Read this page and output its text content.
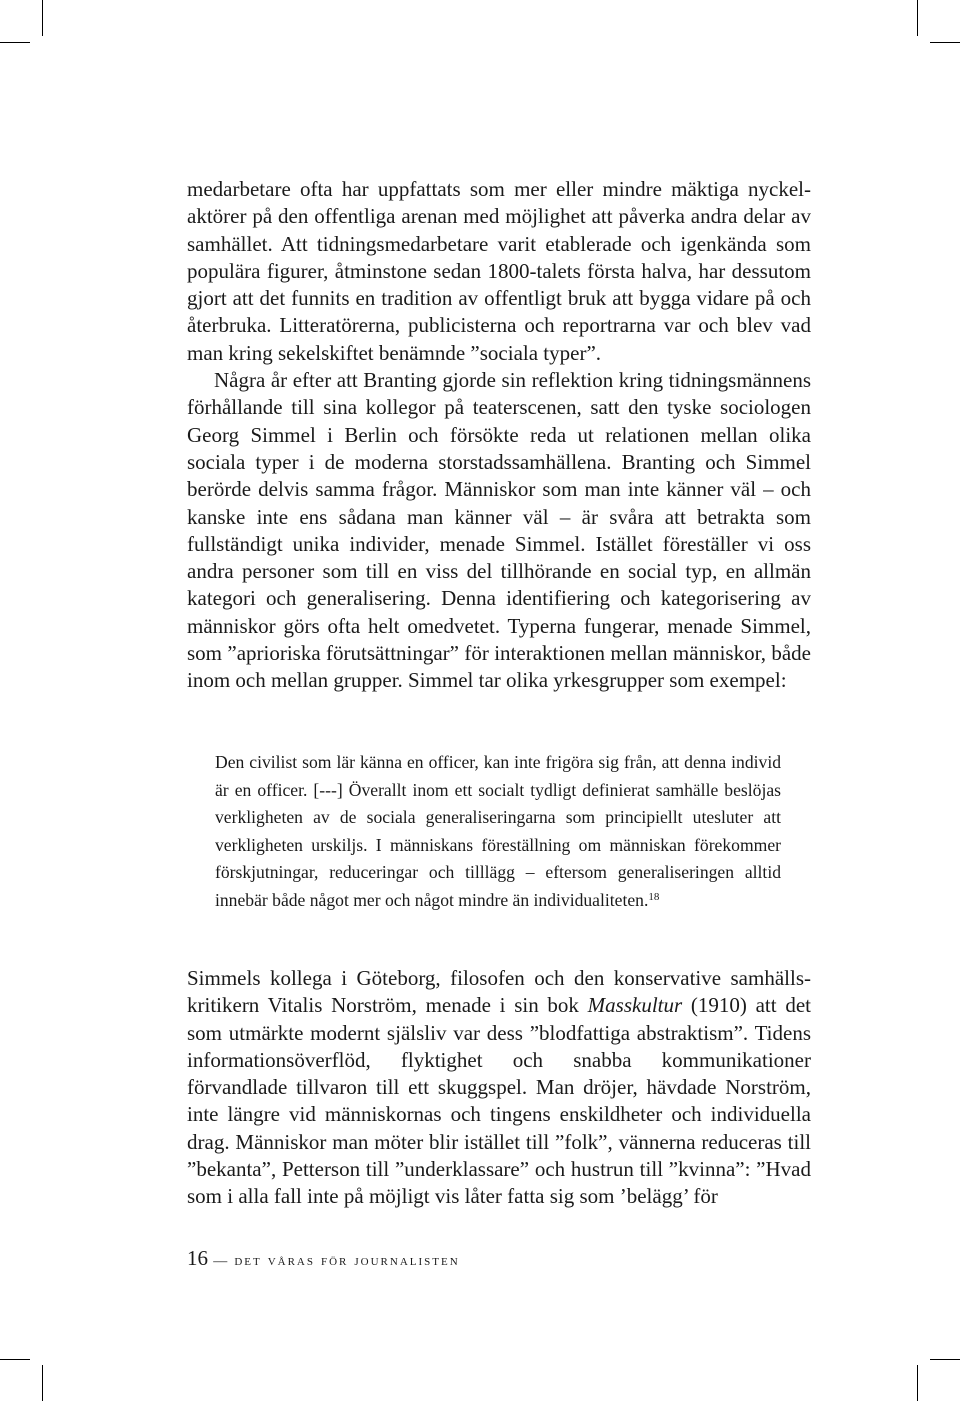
medarbetare ofta har uppfattats som mer eller mindre mäktiga nyckelaktörer på den offentliga arenan med möjlighet att påverka andra delar av samhället. Att tidningsmedarbetare varit etablerade och igenkända som populära figurer, åtminstone sedan 1800-talets första halva, har dessutom gjort att det funnits en tradition av offentligt bruk att bygga vidare på och återbruka. Litteratörerna, publicisterna och reportrarna var och blev vad man kring sekelskiftet benämnde ”sociala typer”.

Några år efter att Branting gjorde sin reflektion kring tidningsmännens förhållande till sina kollegor på teaterscenen, satt den tyske sociologen Georg Simmel i Berlin och försökte reda ut relationen mellan olika sociala typer i de moderna storstadssamhällena. Branting och Simmel berörde delvis samma frågor. Människor som man inte känner väl – och kanske inte ens sådana man känner väl – är svåra att betrakta som fullständigt unika individer, menade Simmel. Istället föreställer vi oss andra personer som till en viss del tillhörande en social typ, en allmän kategori och generalisering. Denna identifiering och kategorisering av människor görs ofta helt omedvetet. Typerna fungerar, menade Simmel, som ”aprioriska förutsättningar” för interaktionen mellan människor, både inom och mellan grupper. Simmel tar olika yrkesgrupper som exempel:

Den civilist som lär känna en officer, kan inte frigöra sig från, att denna individ är en officer. [---] Överallt inom ett socialt tydligt definierat samhälle beslöjas verkligheten av de sociala generaliseringarna som principiellt utesluter att verkligheten urskiljs. I människans föreställning om människan förekommer förskjutningar, reduceringar och tilllägg – eftersom generaliseringen alltid innebär både något mer och något mindre än individualiteten.$^{18}$

Simmels kollega i Göteborg, filosofen och den konservative samhällskritikern Vitalis Norström, menade i sin bok Masskultur (1910) att det som utmärkte modernt själsliv var dess ”blodfattiga abstraktism”. Tidens informationsöverflöd, flyktighet och snabba kommunikationer förvandlade tillvaron till ett skuggspel. Man dröjer, hävdade Norström, inte längre vid människornas och tingens enskildheter och individuella drag. Människor man möter blir istället till ”folk”, vännerna reduceras till ”bekanta”, Petterson till ”underklassare” och hustrun till ”kvinna”: ”Hvad som i alla fall inte på möjligt vis låter fatta sig som ’belägg’ för

16 — det våras för journalisten
